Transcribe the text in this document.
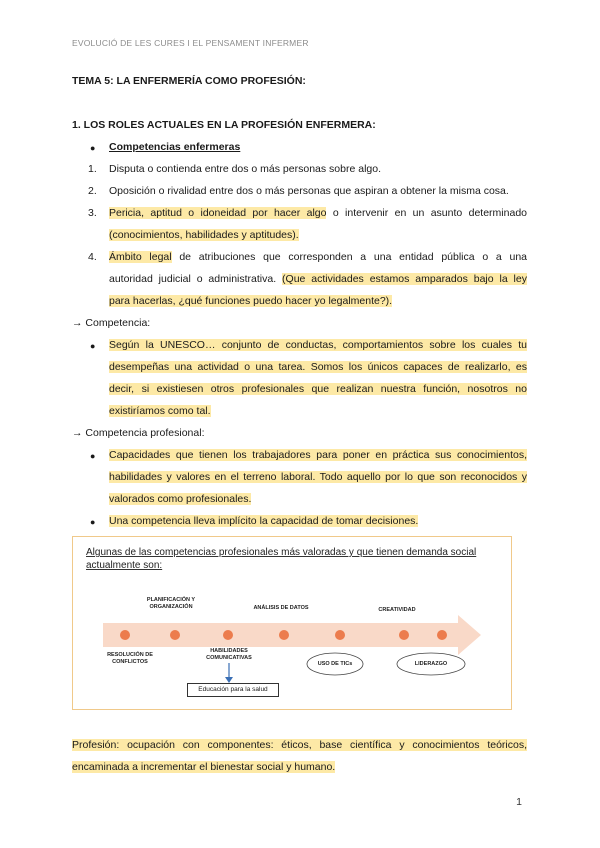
EVOLUCIÓ DE LES CURES I EL PENSAMENT INFERMER
TEMA 5: LA ENFERMERÍA COMO PROFESIÓN:
1. LOS ROLES ACTUALES EN LA PROFESIÓN ENFERMERA:
● Competencias enfermeras
1. Disputa o contienda entre dos o más personas sobre algo.
2. Oposición o rivalidad entre dos o más personas que aspiran a obtener la misma cosa.
3. Pericia, aptitud o idoneidad por hacer algo o intervenir en un asunto determinado
(conocimientos, habilidades y aptitudes).
4. Ámbito legal de atribuciones que corresponden a una entidad pública o a una
autoridad judicial o administrativa. (Que actividades estamos amparados bajo la ley
para hacerlas, ¿qué funciones puedo hacer yo legalmente?).
→ Competencia:
● Según la UNESCO… conjunto de conductas, comportamientos sobre los cuales tu
desempeñas una actividad o una tarea. Somos los únicos capaces de realizarlo, es
decir, si existiesen otros profesionales que realizan nuestra función, nosotros no
existiríamos como tal.
→ Competencia profesional:
● Capacidades que tienen los trabajadores para poner en práctica sus conocimientos,
habilidades y valores en el terreno laboral. Todo aquello por lo que son reconocidos y
valorados como profesionales.
● Una competencia lleva implícito la capacidad de tomar decisiones.
Algunas de las competencias profesionales más valoradas y que tienen demanda social actualmente son:
PLANIFICACIÓN Y ORGANIZACIÓN	ANÁLISIS DE DATOS	CREATIVIDAD
RESOLUCIÓN DE CONFLICTOS
HABILIDADES COMUNICATIVAS
USO DE TICs	LIDERAZGO
Educación para la salud
Profesión: ocupación con componentes: éticos, base científica y conocimientos teóricos,
encaminada a incrementar el bienestar social y humano.
1
